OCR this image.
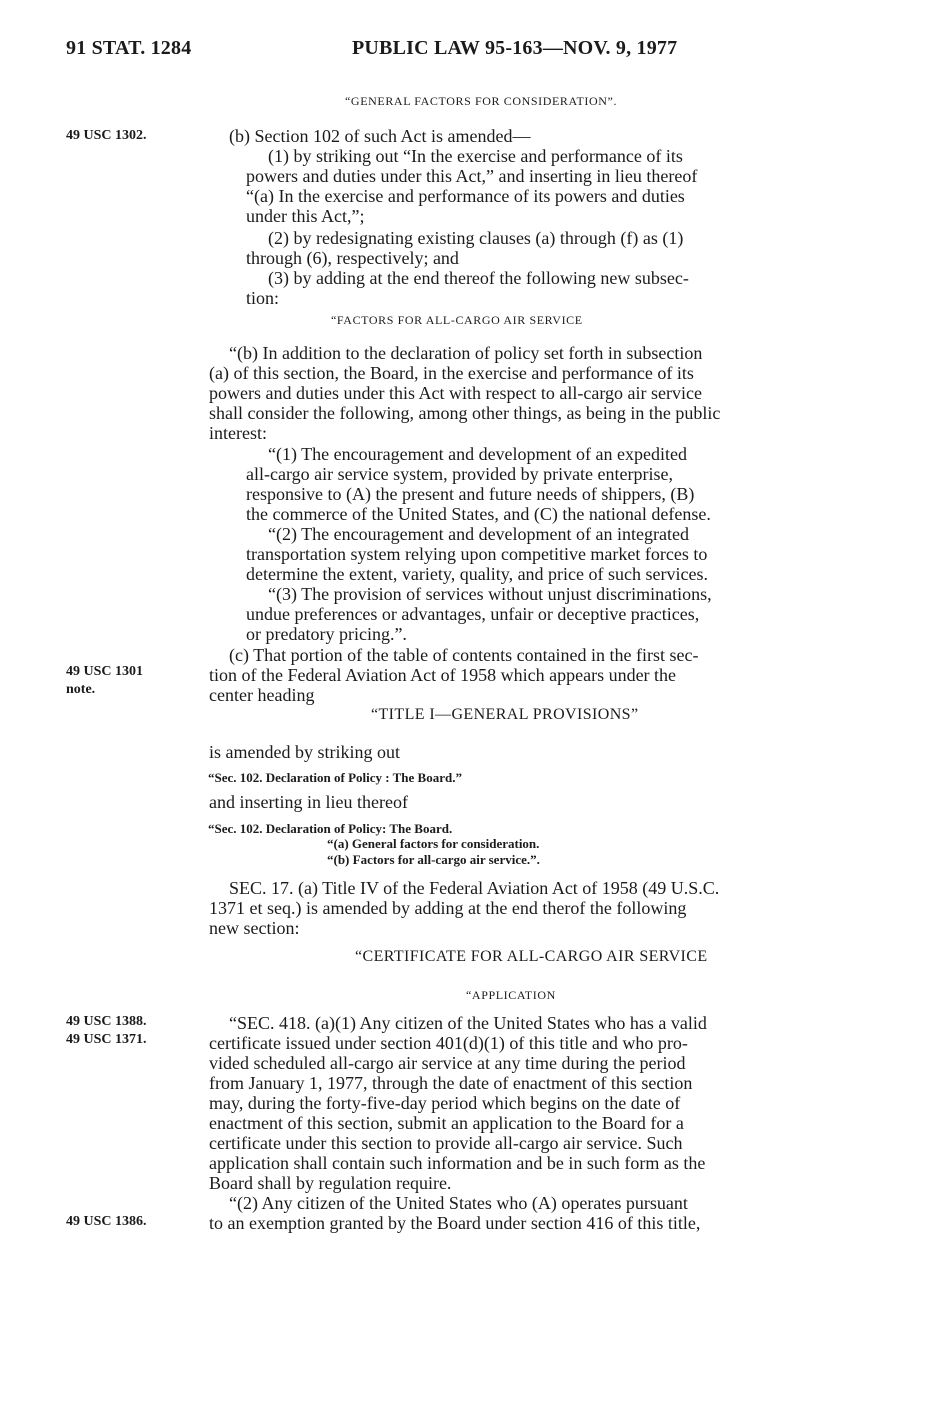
91 STAT. 1284	PUBLIC LAW 95-163—NOV. 9, 1977
“GENERAL FACTORS FOR CONSIDERATION”.
49 USC 1302.
49 USC 1301
note.
49 USC 1388.
49 USC 1371.
49 USC 1386.
(b) Section 102 of such Act is amended—
(1) by striking out “In the exercise and performance of its
powers and duties under this Act,” and inserting in lieu thereof
“(a) In the exercise and performance of its powers and duties
under this Act,”;
(2) by redesignating existing clauses (a) through (f) as (1)
through (6), respectively; and
(3) by adding at the end thereof the following new subsec-
tion:
“FACTORS FOR ALL-CARGO AIR SERVICE
“(b) In addition to the declaration of policy set forth in subsection
(a) of this section, the Board, in the exercise and performance of its
powers and duties under this Act with respect to all-cargo air service
shall consider the following, among other things, as being in the public
interest:
“(1) The encouragement and development of an expedited
all-cargo air service system, provided by private enterprise,
responsive to (A) the present and future needs of shippers, (B)
the commerce of the United States, and (C) the national defense.
“(2) The encouragement and development of an integrated
transportation system relying upon competitive market forces to
determine the extent, variety, quality, and price of such services.
“(3) The provision of services without unjust discriminations,
undue preferences or advantages, unfair or deceptive practices,
or predatory pricing.”.
(c) That portion of the table of contents contained in the first sec-
tion of the Federal Aviation Act of 1958 which appears under the
center heading
“TITLE I—GENERAL PROVISIONS”
is amended by striking out
“Sec. 102. Declaration of Policy : The Board.”
and inserting in lieu thereof
“Sec. 102. Declaration of Policy: The Board.
“(a) General factors for consideration.
“(b) Factors for all-cargo air service.”.
SEC. 17. (a) Title IV of the Federal Aviation Act of 1958 (49 U.S.C.
1371 et seq.) is amended by adding at the end therof the following
new section:
“CERTIFICATE FOR ALL-CARGO AIR SERVICE
“APPLICATION
“SEC. 418. (a)(1) Any citizen of the United States who has a valid
certificate issued under section 401(d)(1) of this title and who pro-
vided scheduled all-cargo air service at any time during the period
from January 1, 1977, through the date of enactment of this section
may, during the forty-five-day period which begins on the date of
enactment of this section, submit an application to the Board for a
certificate under this section to provide all-cargo air service. Such
application shall contain such information and be in such form as the
Board shall by regulation require.
“(2) Any citizen of the United States who (A) operates pursuant
to an exemption granted by the Board under section 416 of this title,
